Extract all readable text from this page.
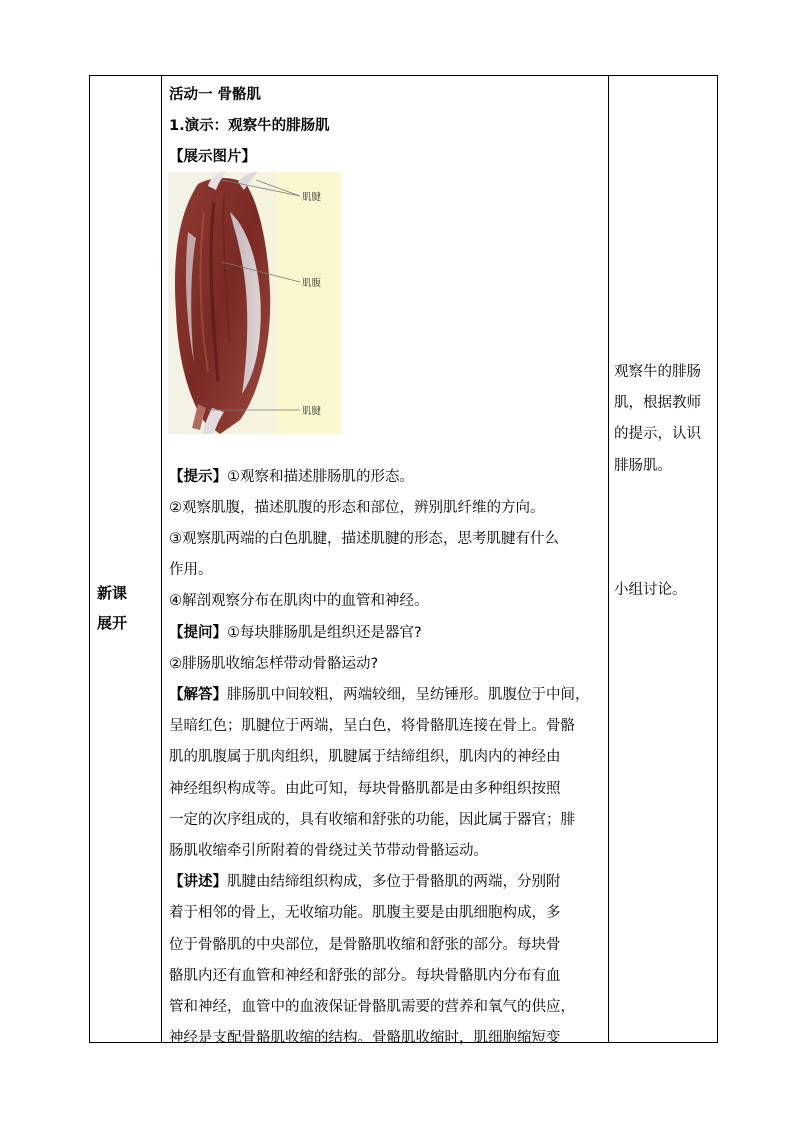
新课
展开

活动一 骨骼肌

1.演示：观察牛的腓肠肌

【展示图片】

【提示】①观察和描述腓肠肌的形态。

②观察肌腹，描述肌腹的形态和部位，辨别肌纤维的方向。

③观察肌两端的白色肌腱，描述肌腱的形态，思考肌腱有什么

作用。

④解剖观察分布在肌肉中的血管和神经。

【提问】①每块腓肠肌是组织还是器官?

②腓肠肌收缩怎样带动骨骼运动?

【解答】腓肠肌中间较粗，两端较细，呈纺锤形。肌腹位于中间，

呈暗红色；肌腱位于两端，呈白色，将骨骼肌连接在骨上。骨骼

肌的肌腹属于肌肉组织，肌腱属于结缔组织，肌肉内的神经由

神经组织构成等。由此可知，每块骨骼肌都是由多种组织按照

一定的次序组成的，具有收缩和舒张的功能，因此属于器官；腓

肠肌收缩牵引所附着的骨绕过关节带动骨骼运动。

【讲述】肌腱由结缔组织构成，多位于骨骼肌的两端，分别附

着于相邻的骨上，无收缩功能。肌腹主要是由肌细胞构成，多

位于骨骼肌的中央部位，是骨骼肌收缩和舒张的部分。每块骨

骼肌内还有血管和神经和舒张的部分。每块骨骼肌内分布有血

管和神经，血管中的血液保证骨骼肌需要的营养和氧气的供应，

神经是支配骨骼肌收缩的结构。骨骼肌收缩时，肌细胞缩短变

肌腱
肌腹
肌腱

观察牛的腓肠

肌，根据教师

的提示，认识

腓肠肌。

小组讨论。
